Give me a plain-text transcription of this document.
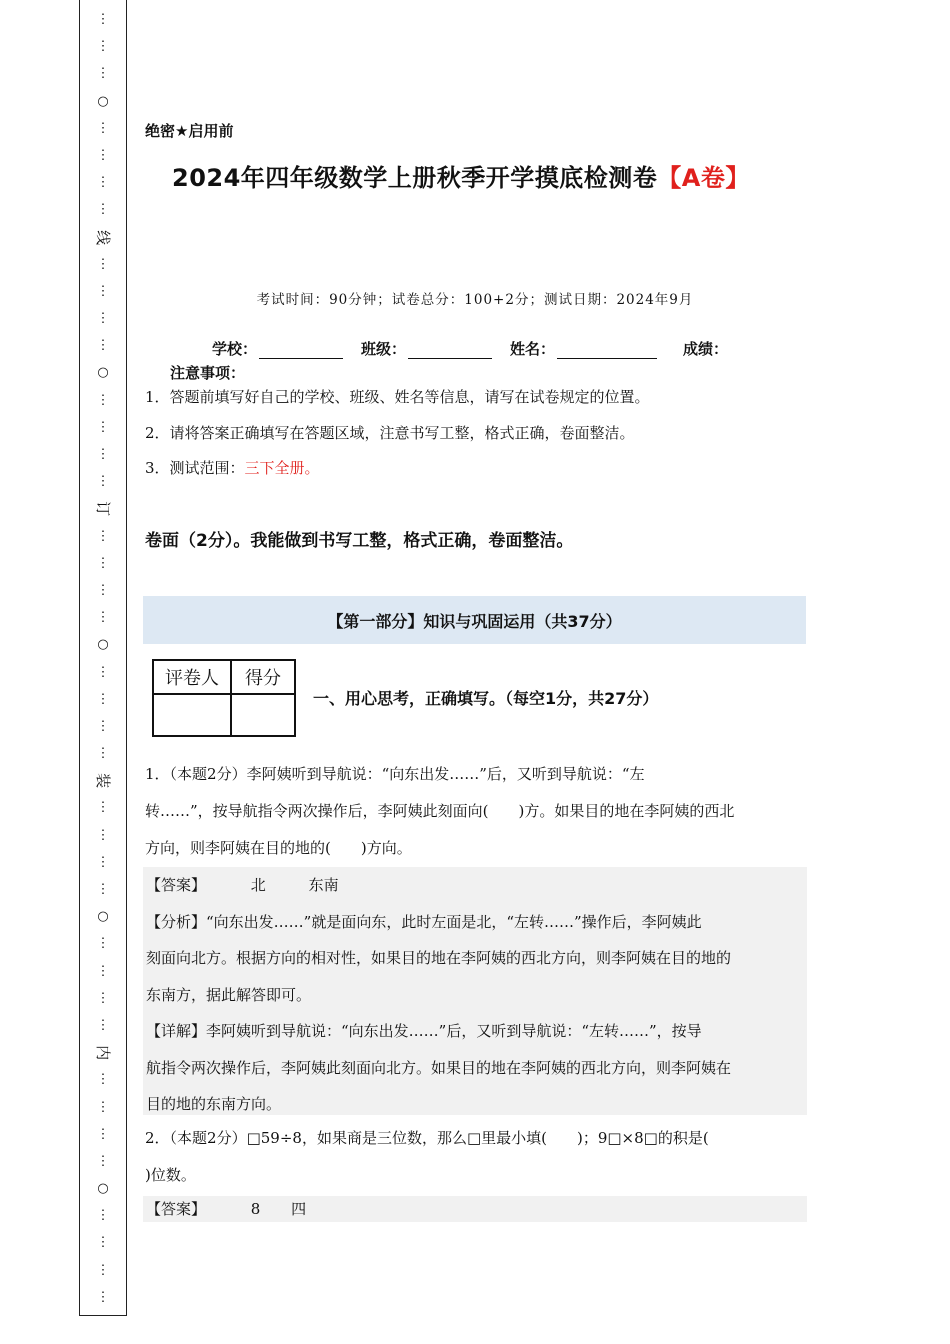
⋮
⋮
⋮
○
⋮
⋮
⋮
⋮
线
⋮
⋮
⋮
⋮
○
⋮
⋮
⋮
⋮
订
⋮
⋮
⋮
⋮
○
⋮
⋮
⋮
⋮
装
⋮
⋮
⋮
⋮
○
⋮
⋮
⋮
⋮
内
⋮
⋮
⋮
⋮
○
⋮
⋮
⋮
⋮
绝密★启用前
2024年四年级数学上册秋季开学摸底检测卷【A卷】
考试时间：90分钟；试卷总分：100+2分；测试日期：2024年9月
学校：	班级：	姓名：	成绩：
注意事项：
1．答题前填写好自己的学校、班级、姓名等信息，请写在试卷规定的位置。
2．请将答案正确填写在答题区域，注意书写工整，格式正确，卷面整洁。
3．测试范围：三下全册。
卷面（2分）。我能做到书写工整，格式正确，卷面整洁。
【第一部分】知识与巩固运用（共37分）
评卷人	得分

一、用心思考，正确填写。（每空1分，共27分）
1．（本题2分）李阿姨听到导航说：“向东出发……”后，又听到导航说：“左
转……”，按导航指令两次操作后，李阿姨此刻面向(　　)方。如果目的地在李阿姨的西北
方向，则李阿姨在目的地的(　　)方向。
【答案】	北	东南
【分析】“向东出发……”就是面向东，此时左面是北，“左转……”操作后，李阿姨此
刻面向北方。根据方向的相对性，如果目的地在李阿姨的西北方向，则李阿姨在目的地的
东南方，据此解答即可。
【详解】李阿姨听到导航说：“向东出发……”后，又听到导航说：“左转……”，按导
航指令两次操作后，李阿姨此刻面向北方。如果目的地在李阿姨的西北方向，则李阿姨在
目的地的东南方向。
2．（本题2分）□59÷8，如果商是三位数，那么□里最小填(　　)；9□×8□的积是(
)位数。
【答案】	8 四
